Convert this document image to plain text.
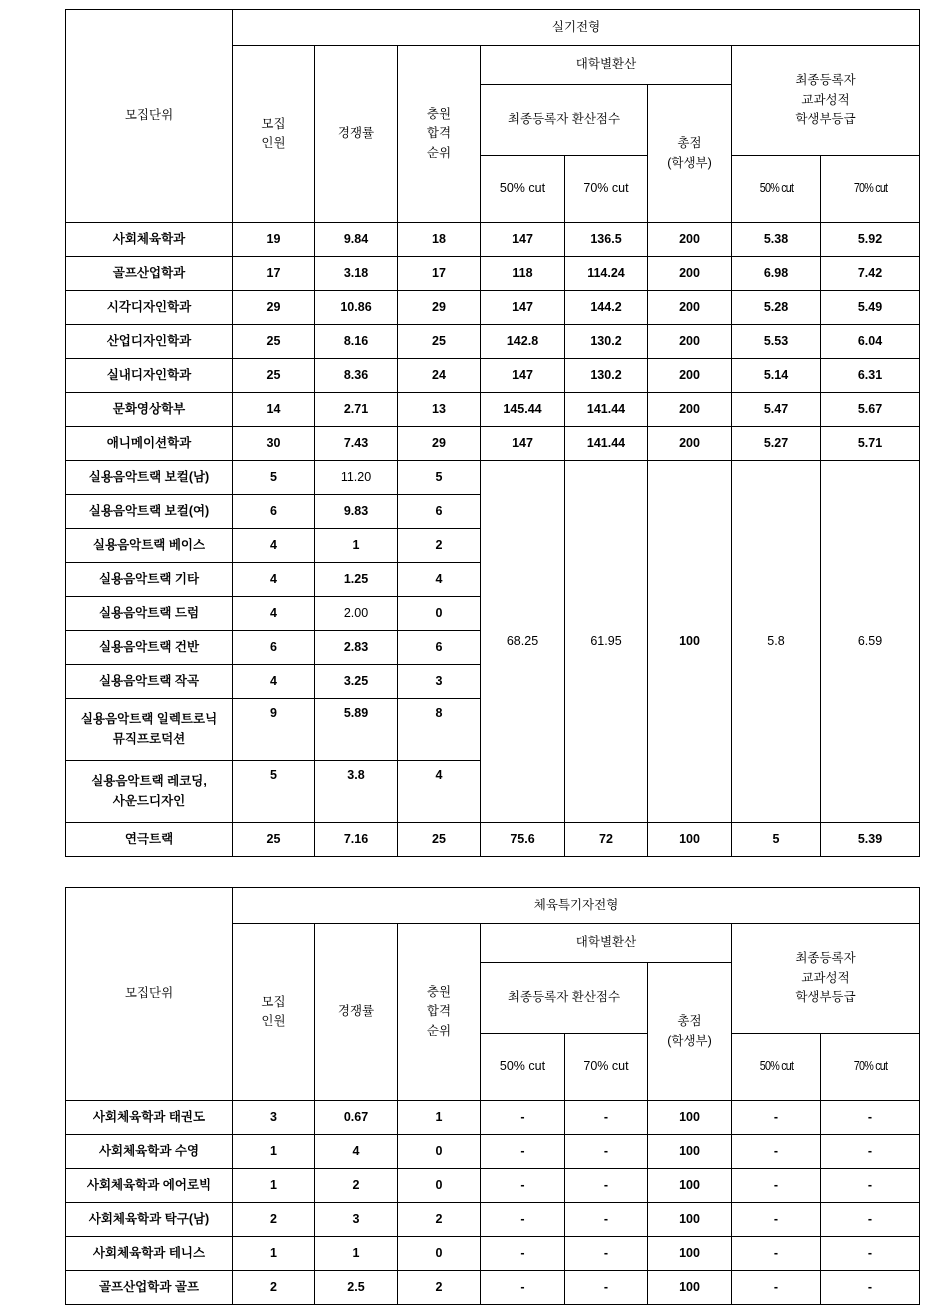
모집단위	실기전형							

모집
인원
	경쟁률	
충원
합격
순위
	대학별환산	
최종등록자
교과성적
학생부등급

				최종등록자 환산점수		총점
(학생부)		

				50% cut	70% cut		50% cut	70% cut
사회체육학과	19	9.84	18	147	136.5	200	5.38	5.92
골프산업학과	17	3.18	17	118	114.24	200	6.98	7.42
시각디자인학과	29	10.86	29	147	144.2	200	5.28	5.49
산업디자인학과	25	8.16	25	142.8	130.2	200	5.53	6.04
실내디자인학과	25	8.36	24	147	130.2	200	5.14	6.31
문화영상학부	14	2.71	13	145.44	141.44	200	5.47	5.67
애니메이션학과	30	7.43	29	147	141.44	200	5.27	5.71
실용음악트랙 보컬(남)	5	11.20	5	68.25	61.95	100	5.8	6.59
실용음악트랙 보컬(여)	6	9.83	6					
실용음악트랙 베이스	4	1	2					
실용음악트랙 기타	4	1.25	4					
실용음악트랙 드럼	4	2.00	0					
실용음악트랙 건반	6	2.83	6					
실용음악트랙 작곡	4	3.25	3					
실용음악트랙 일렉트로닉 뮤직프로덕션	9	5.89	8					
실용음악트랙 레코딩,사운드디자인	5	3.8	4					
연극트랙	25	7.16	25	75.6	72	100	5	5.39
모집단위	체육특기자전형							

모집
인원
	경쟁률	
충원
합격
순위
	대학별환산	
최종등록자
교과성적
학생부등급

				최종등록자 환산점수		총점
(학생부)		

				50% cut	70% cut		50% cut	70% cut
사회체육학과 태권도	3	0.67	1	-	-	100	-	-
사회체육학과 수영	1	4	0	-	-	100	-	-
사회체육학과 에어로빅	1	2	0	-	-	100	-	-
사회체육학과 탁구(남)	2	3	2	-	-	100	-	-
사회체육학과 테니스	1	1	0	-	-	100	-	-
골프산업학과 골프	2	2.5	2	-	-	100	-	-
